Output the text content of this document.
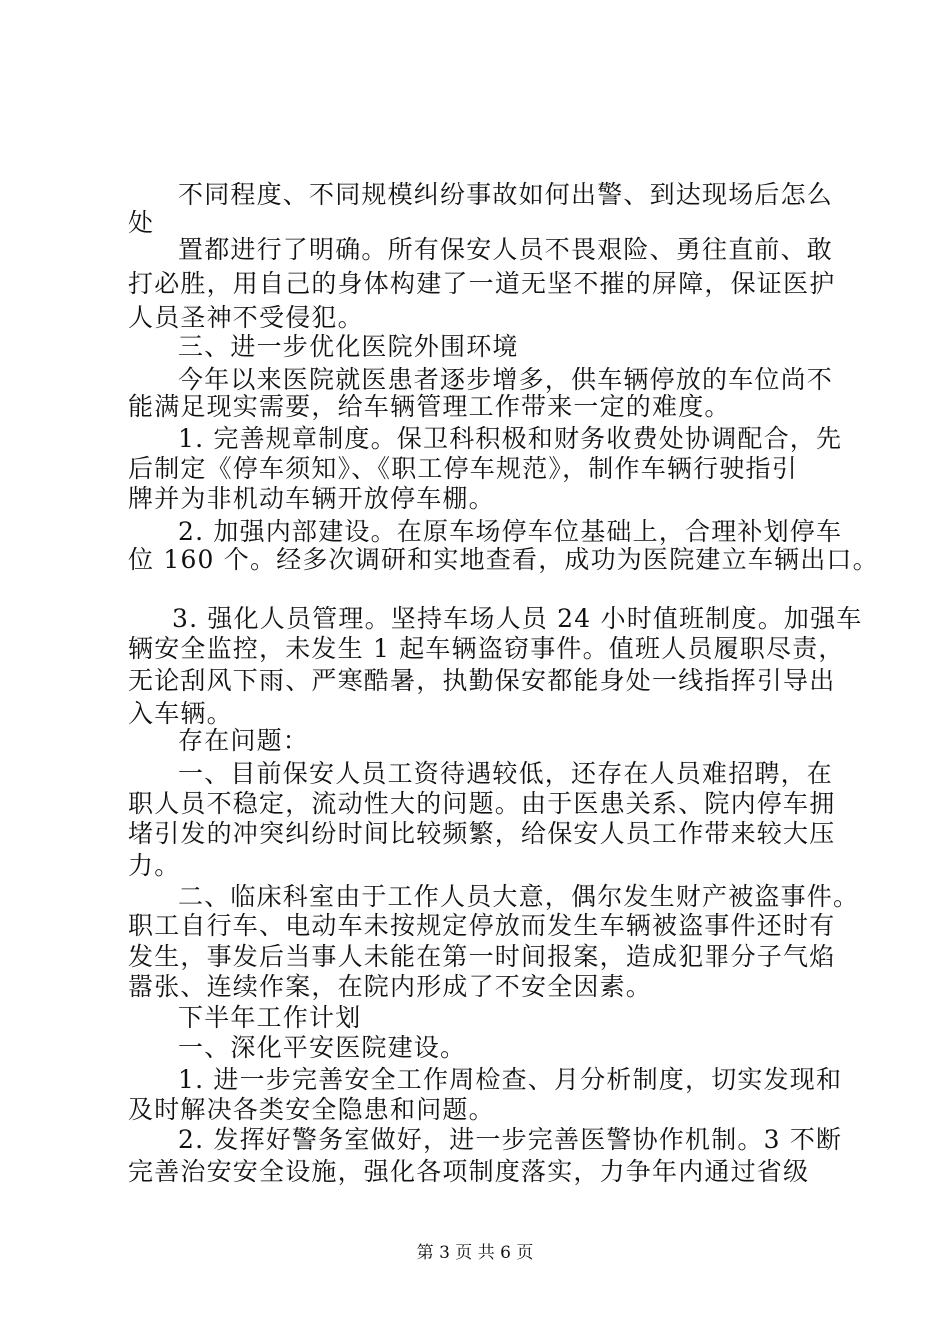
不同程度、不同规模纠纷事故如何出警、到达现场后怎么
处
置都进行了明确。所有保安人员不畏艰险、勇往直前、敢
打必胜，用自己的身体构建了一道无坚不摧的屏障，保证医护
人员圣神不受侵犯。
三、进一步优化医院外围环境
今年以来医院就医患者逐步增多，供车辆停放的车位尚不
能满足现实需要，给车辆管理工作带来一定的难度。
1. 完善规章制度。保卫科积极和财务收费处协调配合，先
后制定《停车须知》、《职工停车规范》，制作车辆行驶指引
牌并为非机动车辆开放停车棚。
2. 加强内部建设。在原车场停车位基础上，合理补划停车
位 160 个。经多次调研和实地查看，成功为医院建立车辆出口。
3. 强化人员管理。坚持车场人员 24 小时值班制度。加强车
辆安全监控，未发生 1 起车辆盗窃事件。值班人员履职尽责，
无论刮风下雨、严寒酷暑，执勤保安都能身处一线指挥引导出
入车辆。
存在问题：
一、目前保安人员工资待遇较低，还存在人员难招聘，在
职人员不稳定，流动性大的问题。由于医患关系、院内停车拥
堵引发的冲突纠纷时间比较频繁，给保安人员工作带来较大压
力。
二、临床科室由于工作人员大意，偶尔发生财产被盗事件。
职工自行车、电动车未按规定停放而发生车辆被盗事件还时有
发生，事发后当事人未能在第一时间报案，造成犯罪分子气焰
嚣张、连续作案，在院内形成了不安全因素。
下半年工作计划
一、深化平安医院建设。
1. 进一步完善安全工作周检查、月分析制度，切实发现和
及时解决各类安全隐患和问题。
2. 发挥好警务室做好，进一步完善医警协作机制。3 不断
完善治安安全设施，强化各项制度落实，力争年内通过省级
第 3 页 共 6 页
